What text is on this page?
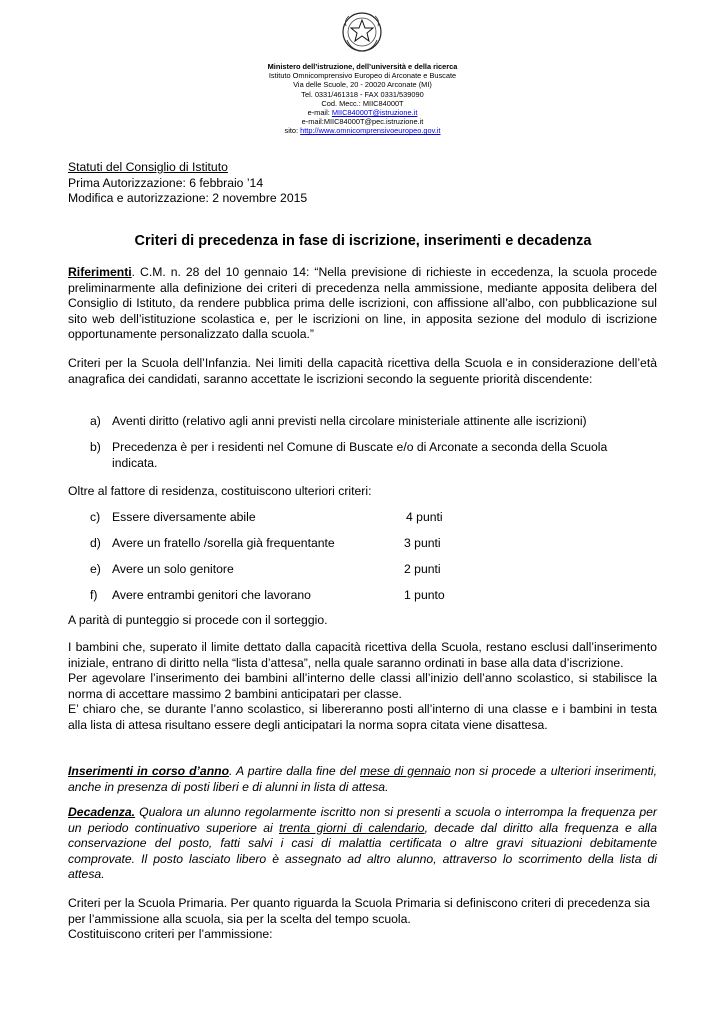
Ministero dell’istruzione, dell’università e della ricerca
Istituto Omnicomprensivo Europeo di Arconate e Buscate
Via delle Scuole, 20 - 20020 Arconate (MI)
Tel. 0331/461318 - FAX 0331/539090
Cod. Mecc.: MIIC84000T
e-mail: MIIC84000T@istruzione.it
e-mail:MIIC84000T@pec.istruzione.it
sito: http://www.omnicomprensivoeuropeo.gov.it
Statuti del Consiglio di Istituto
Prima Autorizzazione: 6 febbraio ’14
Modifica e autorizzazione: 2 novembre 2015
Criteri di precedenza in fase di iscrizione, inserimenti e decadenza
Riferimenti. C.M. n. 28 del 10 gennaio 14: “Nella previsione di richieste in eccedenza, la scuola procede preliminarmente alla definizione dei criteri di precedenza nella ammissione, mediante apposita delibera del Consiglio di Istituto, da rendere pubblica prima delle iscrizioni, con affissione all’albo, con pubblicazione sul sito web dell’istituzione scolastica e, per le iscrizioni on line, in apposita sezione del modulo di iscrizione opportunamente personalizzato dalla scuola.”
Criteri per la Scuola dell’Infanzia. Nei limiti della capacità ricettiva della Scuola e in considerazione dell’età anagrafica dei candidati, saranno accettate le iscrizioni secondo la seguente priorità discendente:
a) Aventi diritto (relativo agli anni previsti nella circolare ministeriale attinente alle iscrizioni)
b) Precedenza è per i residenti nel Comune di Buscate e/o di Arconate a seconda della Scuola indicata.
Oltre al fattore di residenza, costituiscono ulteriori criteri:
c) Essere diversamente abile	4 punti
d) Avere un fratello /sorella già frequentante	3 punti
e) Avere un solo genitore	2 punti
f) Avere entrambi genitori che lavorano	1 punto
A parità di punteggio si procede con il sorteggio.
I bambini che, superato il limite dettato dalla capacità ricettiva della Scuola, restano esclusi dall’inserimento iniziale, entrano di diritto nella “lista d’attesa”, nella quale saranno ordinati in base alla data d’iscrizione.
Per agevolare l’inserimento dei bambini all’interno delle classi all’inizio dell’anno scolastico, si stabilisce la norma di accettare massimo 2 bambini anticipatari per classe.
E’ chiaro che, se durante l’anno scolastico, si libereranno posti all’interno di una classe e i bambini in testa alla lista di attesa risultano essere degli anticipatari la norma sopra citata viene disattesa.
Inserimenti in corso d’anno. A partire dalla fine del mese di gennaio non si procede a ulteriori inserimenti, anche in presenza di posti liberi e di alunni in lista di attesa.
Decadenza. Qualora un alunno regolarmente iscritto non si presenti a scuola o interrompa la frequenza per un periodo continuativo superiore ai trenta giorni di calendario, decade dal diritto alla frequenza e alla conservazione del posto, fatti salvi i casi di malattia certificata o altre gravi situazioni debitamente comprovate. Il posto lasciato libero è assegnato ad altro alunno, attraverso lo scorrimento della lista di attesa.
Criteri per la Scuola Primaria. Per quanto riguarda la Scuola Primaria si definiscono criteri di precedenza sia per l’ammissione alla scuola, sia per la scelta del tempo scuola.
Costituiscono criteri per l’ammissione:
